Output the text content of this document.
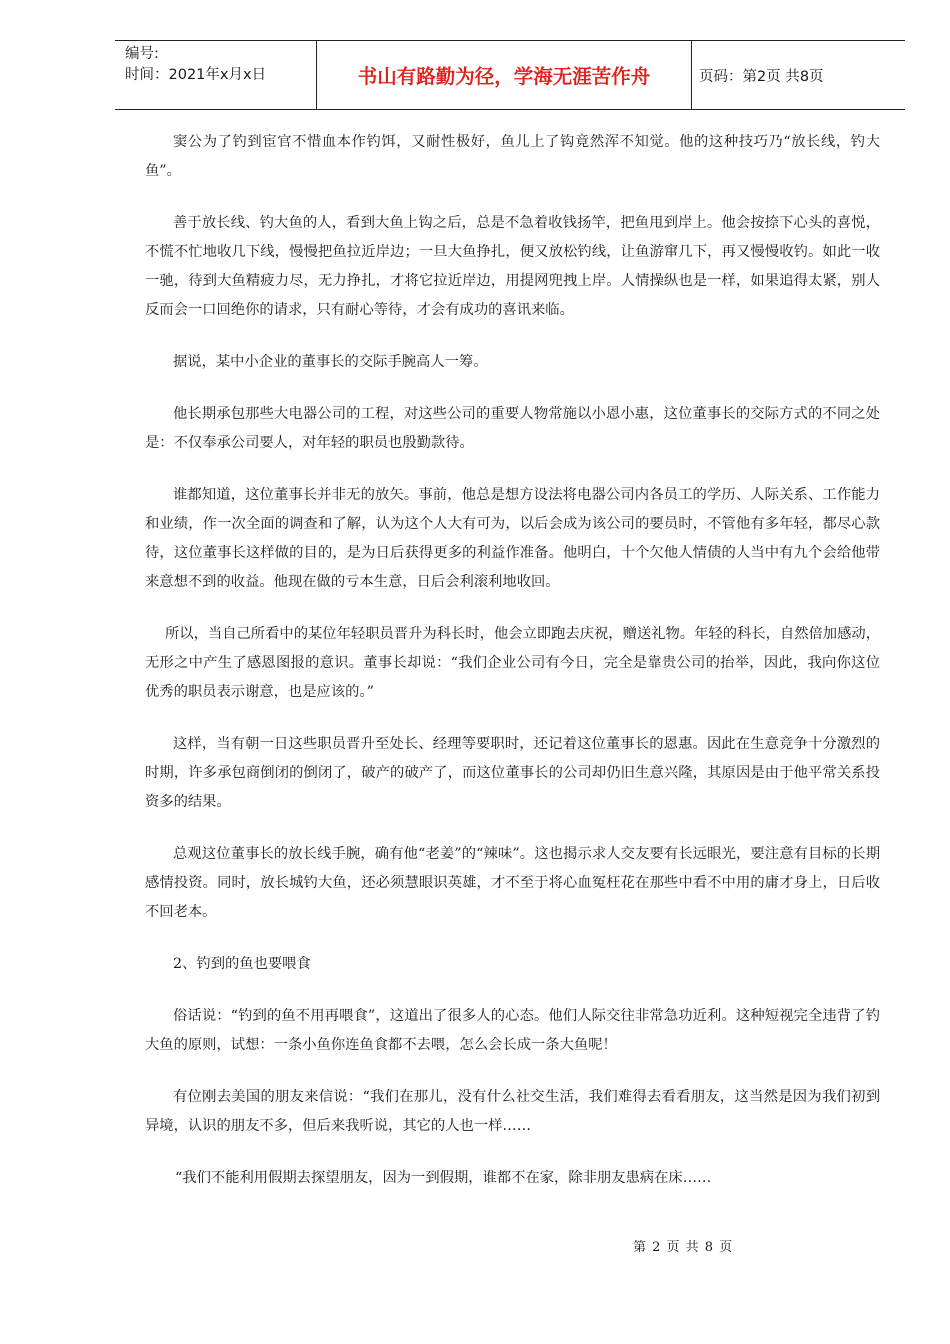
编号:
时间：2021年x月x日	书山有路勤为径，学海无涯苦作舟	页码：第2页 共8页

窦公为了钓到宦官不惜血本作钓饵，又耐性极好，鱼儿上了钩竟然浑不知觉。他的这种技巧乃“放长线，钓大鱼”。

善于放长线、钓大鱼的人，看到大鱼上钩之后，总是不急着收钱扬竿，把鱼甩到岸上。他会按捺下心头的喜悦，不慌不忙地收几下线，慢慢把鱼拉近岸边；一旦大鱼挣扎，便又放松钓线，让鱼游窜几下，再又慢慢收钓。如此一收一驰，待到大鱼精疲力尽，无力挣扎，才将它拉近岸边，用提网兜拽上岸。人情操纵也是一样，如果追得太紧，别人反而会一口回绝你的请求，只有耐心等待，才会有成功的喜讯来临。

据说，某中小企业的董事长的交际手腕高人一筹。

他长期承包那些大电器公司的工程，对这些公司的重要人物常施以小恩小惠，这位董事长的交际方式的不同之处是：不仅奉承公司要人，对年轻的职员也殷勤款待。

谁都知道，这位董事长并非无的放矢。事前，他总是想方设法将电器公司内各员工的学历、人际关系、工作能力和业绩，作一次全面的调查和了解，认为这个人大有可为，以后会成为该公司的要员时，不管他有多年轻，都尽心款待，这位董事长这样做的目的，是为日后获得更多的利益作准备。他明白，十个欠他人情债的人当中有九个会给他带来意想不到的收益。他现在做的亏本生意，日后会利滚利地收回。

所以，当自己所看中的某位年轻职员晋升为科长时，他会立即跑去庆祝，赠送礼物。年轻的科长，自然倍加感动，无形之中产生了感恩图报的意识。董事长却说：“我们企业公司有今日，完全是靠贵公司的抬举，因此，我向你这位优秀的职员表示谢意，也是应该的。”

这样，当有朝一日这些职员晋升至处长、经理等要职时，还记着这位董事长的恩惠。因此在生意竞争十分激烈的时期，许多承包商倒闭的倒闭了，破产的破产了，而这位董事长的公司却仍旧生意兴隆，其原因是由于他平常关系投资多的结果。

总观这位董事长的放长线手腕，确有他“老姜”的“辣味”。这也揭示求人交友要有长远眼光，要注意有目标的长期感情投资。同时，放长城钓大鱼，还必须慧眼识英雄，才不至于将心血冤枉花在那些中看不中用的庸才身上，日后收不回老本。

2、钓到的鱼也要喂食

俗话说：“钓到的鱼不用再喂食”，这道出了很多人的心态。他们人际交往非常急功近利。这种短视完全违背了钓大鱼的原则，试想：一条小鱼你连鱼食都不去喂，怎么会长成一条大鱼呢！

有位刚去美国的朋友来信说：“我们在那儿，没有什么社交生活，我们难得去看看朋友，这当然是因为我们初到异境，认识的朋友不多，但后来我听说，其它的人也一样……

“我们不能利用假期去探望朋友，因为一到假期，谁都不在家，除非朋友患病在床……

第 2 页 共 8 页
